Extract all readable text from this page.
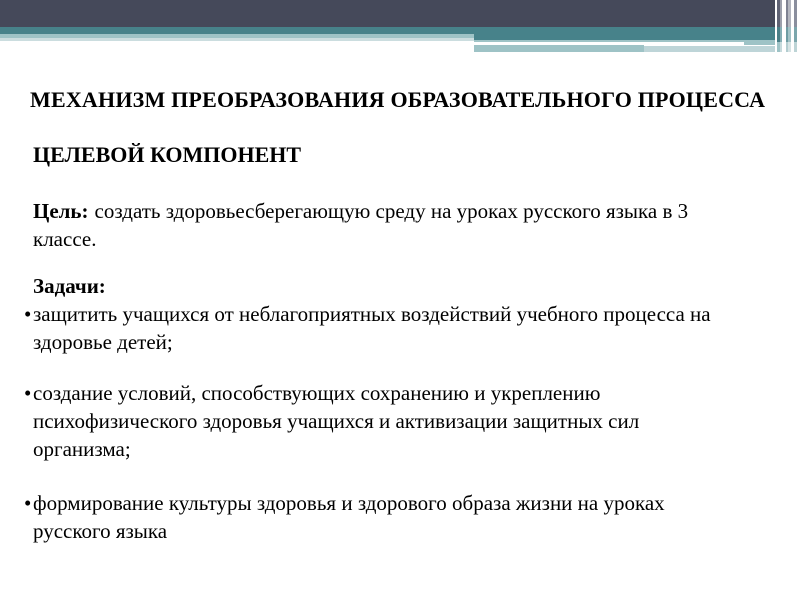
МЕХАНИЗМ ПРЕОБРАЗОВАНИЯ ОБРАЗОВАТЕЛЬНОГО ПРОЦЕССА
ЦЕЛЕВОЙ КОМПОНЕНТ
Цель: создать здоровьесберегающую среду на уроках русского языка в 3
классе.
Задачи:
• защитить учащихся от неблагоприятных воздействий учебного процесса на
здоровье детей;
• создание условий, способствующих сохранению и укреплению
психофизического здоровья учащихся и активизации защитных сил
организма;
• формирование культуры здоровья и здорового образа жизни на уроках
русского языка
